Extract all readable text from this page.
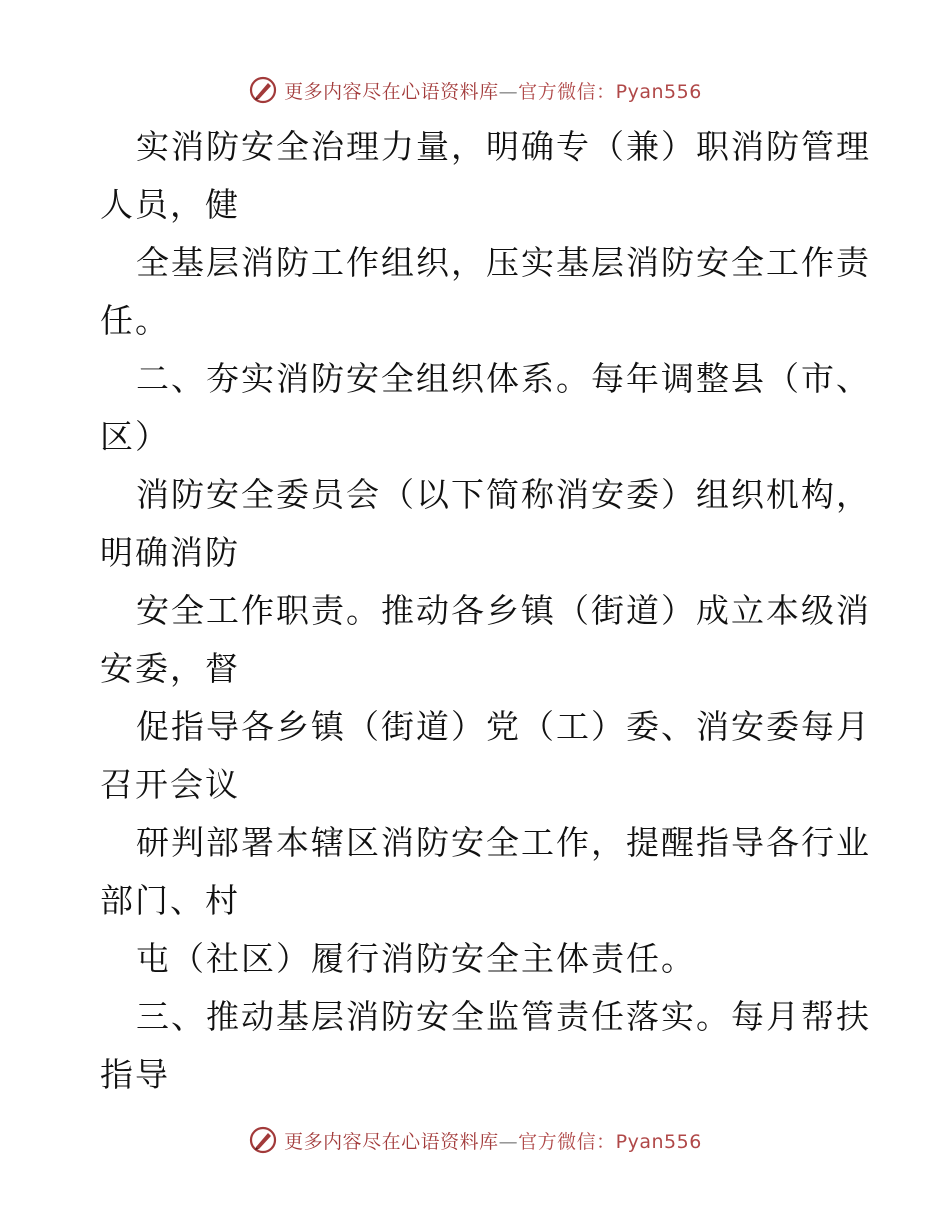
更多内容尽在心语资料库—官方微信：Pyan556
实消防安全治理力量，明确专（兼）职消防管理
人员，健
全基层消防工作组织，压实基层消防安全工作责
任。
二、夯实消防安全组织体系。每年调整县（市、
区）
消防安全委员会（以下简称消安委）组织机构，
明确消防
安全工作职责。推动各乡镇（街道）成立本级消
安委，督
促指导各乡镇（街道）党（工）委、消安委每月
召开会议
研判部署本辖区消防安全工作，提醒指导各行业
部门、村
屯（社区）履行消防安全主体责任。
三、推动基层消防安全监管责任落实。每月帮扶
指导
更多内容尽在心语资料库—官方微信：Pyan556
